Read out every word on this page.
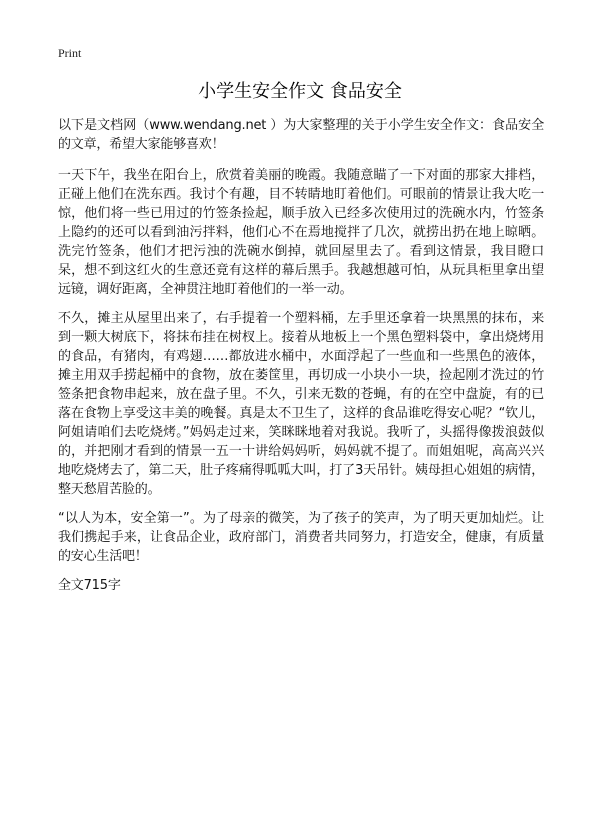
Print
小学生安全作文 食品安全

以下是文档网（www.wendang.net ）为大家整理的关于小学生安全作文：食品安全的文章，希望大家能够喜欢！

一天下午，我坐在阳台上，欣赏着美丽的晚霞。我随意瞄了一下对面的那家大排档，正碰上他们在洗东西。我讨个有趣，目不转睛地盯着他们。可眼前的情景让我大吃一惊，他们将一些已用过的竹签条捡起，顺手放入已经多次使用过的洗碗水内，竹签条上隐约的还可以看到油污拌料，他们心不在焉地搅拌了几次，就捞出扔在地上晾晒。洗完竹签条，他们才把污浊的洗碗水倒掉，就回屋里去了。看到这情景，我目瞪口呆，想不到这红火的生意还竟有这样的幕后黑手。我越想越可怕，从玩具柜里拿出望远镜，调好距离，全神贯注地盯着他们的一举一动。

不久，摊主从屋里出来了，右手提着一个塑料桶，左手里还拿着一块黑黑的抹布，来到一颗大树底下，将抹布挂在树杈上。接着从地板上一个黑色塑料袋中，拿出烧烤用的食品，有猪肉，有鸡翅……都放进水桶中，水面浮起了一些血和一些黑色的液体，摊主用双手捞起桶中的食物，放在萎筐里，再切成一小块小一块，捡起刚才洗过的竹签条把食物串起来，放在盘子里。不久，引来无数的苍蝇，有的在空中盘旋，有的已落在食物上享受这丰美的晚餐。真是太不卫生了，这样的食品谁吃得安心呢？“钦儿，阿姐请咱们去吃烧烤。”妈妈走过来，笑眯眯地着对我说。我听了，头摇得像拨浪鼓似的，并把刚才看到的情景一五一十讲给妈妈听，妈妈就不提了。而姐姐呢，高高兴兴地吃烧烤去了，第二天，肚子疼痛得呱呱大叫，打了3天吊针。姨母担心姐姐的病情，整天愁眉苦脸的。

“以人为本，安全第一”。为了母亲的微笑，为了孩子的笑声，为了明天更加灿烂。让我们携起手来，让食品企业，政府部门，消费者共同努力，打造安全，健康，有质量的安心生活吧！

全文715字
